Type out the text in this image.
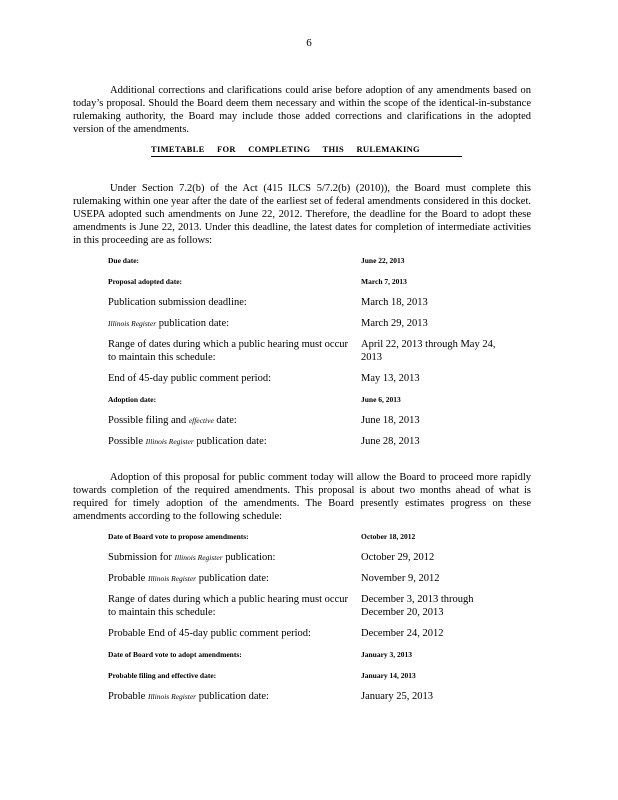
6

Additional corrections and clarifications could arise before adoption of any amendments based on today’s proposal. Should the Board deem them necessary and within the scope of the identical-in-substance rulemaking authority, the Board may include those added corrections and clarifications in the adopted version of the amendments.

TIMETABLE FOR COMPLETING THIS RULEMAKING

Under Section 7.2(b) of the Act (415 ILCS 5/7.2(b) (2010)), the Board must complete this rulemaking within one year after the date of the earliest set of federal amendments considered in this docket. USEPA adopted such amendments on June 22, 2012. Therefore, the deadline for the Board to adopt these amendments is June 22, 2013. Under this deadline, the latest dates for completion of intermediate activities in this proceeding are as follows:

Due date:	June 22, 2013
Proposal adopted date:	March 7, 2013
Publication submission deadline:	March 18, 2013
Illinois Register publication date:	March 29, 2013
Range of dates during which a public hearing must occur to maintain this schedule:
April 22, 2013 through May 24, 2013
End of 45-day public comment period:	May 13, 2013
Adoption date:	June 6, 2013
Possible filing and effective date:	June 18, 2013
Possible Illinois Register publication date:	June 28, 2013

Adoption of this proposal for public comment today will allow the Board to proceed more rapidly towards completion of the required amendments. This proposal is about two months ahead of what is required for timely adoption of the amendments. The Board presently estimates progress on these amendments according to the following schedule:

Date of Board vote to propose amendments:	October 18, 2012
Submission for Illinois Register publication:	October 29, 2012
Probable Illinois Register publication date:	November 9, 2012
Range of dates during which a public hearing must occur to maintain this schedule:
December 3, 2013 through December 20, 2013
Probable End of 45-day public comment period:	December 24, 2012
Date of Board vote to adopt amendments:	January 3, 2013
Probable filing and effective date:	January 14, 2013
Probable Illinois Register publication date:	January 25, 2013
